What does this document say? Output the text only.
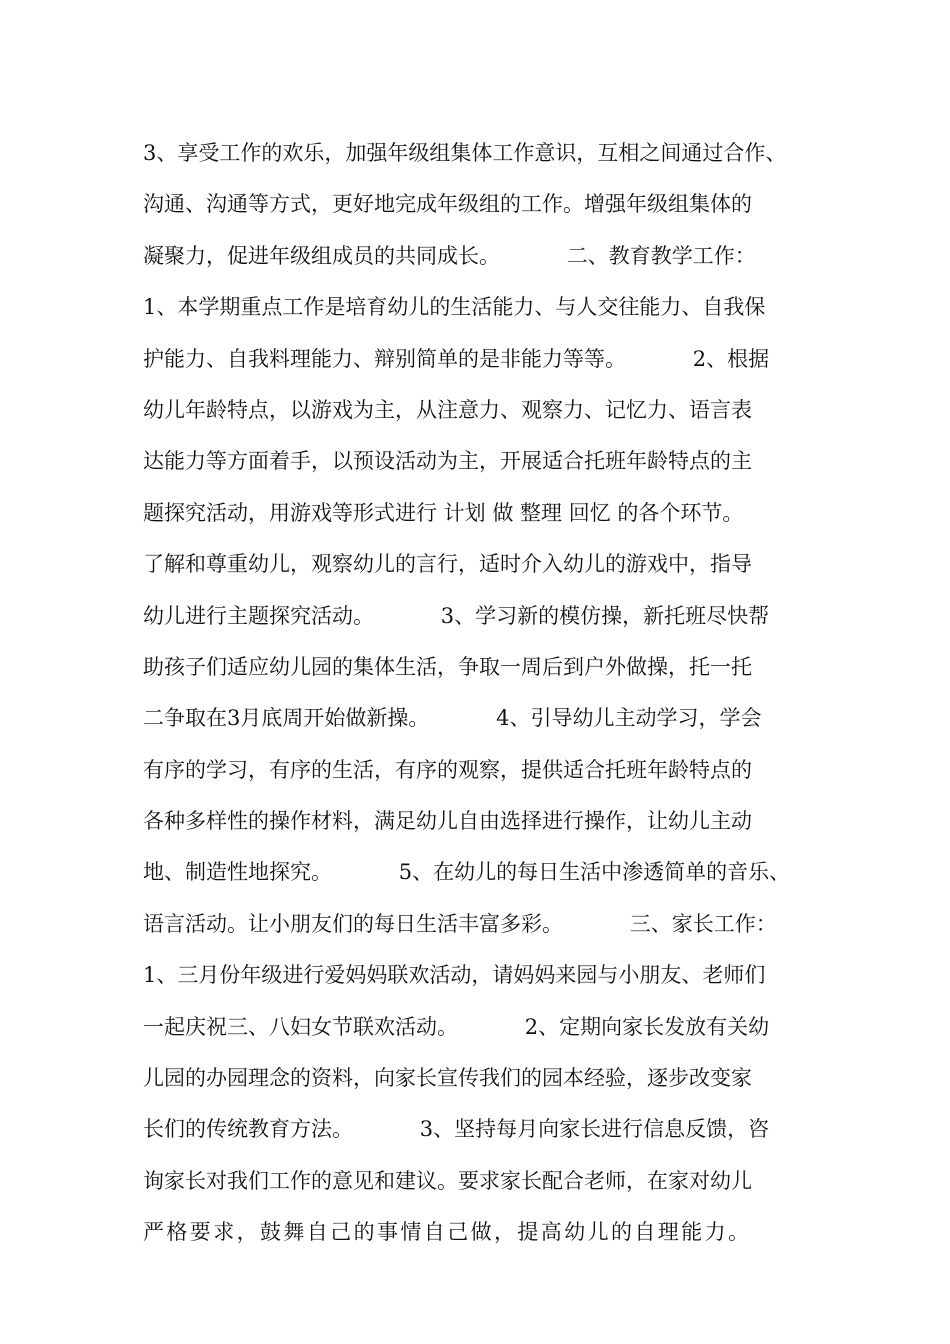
3、享受工作的欢乐，加强年级组集体工作意识，互相之间通过合作、
沟通、沟通等方式，更好地完成年级组的工作。增强年级组集体的
凝聚力，促进年级组成员的共同成长。          二、教育教学工作：
1、本学期重点工作是培育幼儿的生活能力、与人交往能力、自我保
护能力、自我料理能力、辩别简单的是非能力等等。          2、根据
幼儿年龄特点，以游戏为主，从注意力、观察力、记忆力、语言表
达能力等方面着手，以预设活动为主，开展适合托班年龄特点的主
题探究活动，用游戏等形式进行 计划 做 整理 回忆 的各个环节。
了解和尊重幼儿，观察幼儿的言行，适时介入幼儿的游戏中，指导
幼儿进行主题探究活动。          3、学习新的模仿操，新托班尽快帮
助孩子们适应幼儿园的集体生活，争取一周后到户外做操，托一托
二争取在3月底周开始做新操。          4、引导幼儿主动学习，学会
有序的学习，有序的生活，有序的观察，提供适合托班年龄特点的
各种多样性的操作材料，满足幼儿自由选择进行操作，让幼儿主动
地、制造性地探究。          5、在幼儿的每日生活中渗透简单的音乐、
语言活动。让小朋友们的每日生活丰富多彩。          三、家长工作：
1、三月份年级进行爱妈妈联欢活动，请妈妈来园与小朋友、老师们
一起庆祝三、八妇女节联欢活动。          2、定期向家长发放有关幼
儿园的办园理念的资料，向家长宣传我们的园本经验，逐步改变家
长们的传统教育方法。          3、坚持每月向家长进行信息反馈，咨
询家长对我们工作的意见和建议。要求家长配合老师，在家对幼儿
严格要求，鼓舞自己的事情自己做，提高幼儿的自理能力。
